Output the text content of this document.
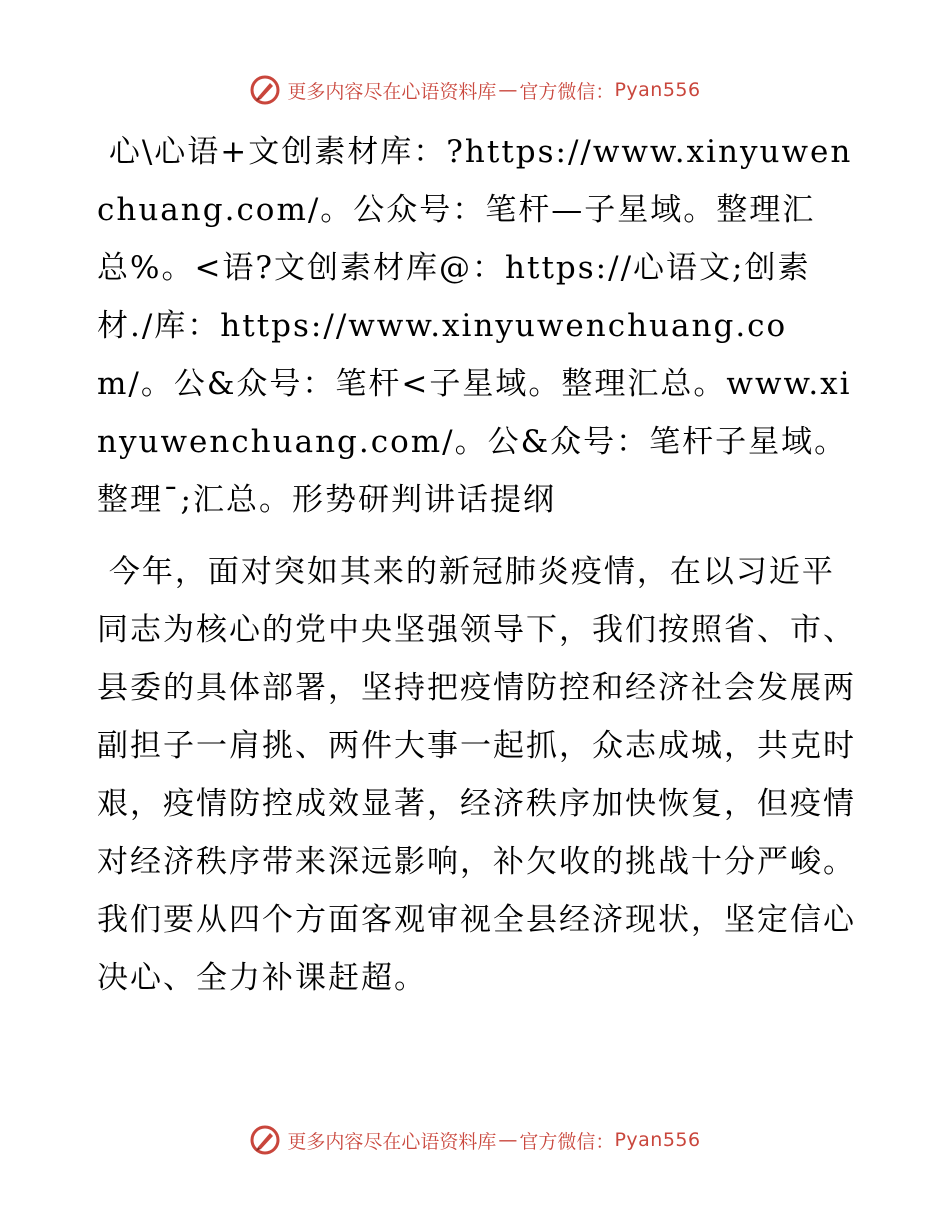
更多内容尽在心语资料库 — 官方微信： Pyan556

心\心语+文创素材库：?https://www.xinyuwenchuang.com/。公众号：笔杆—子星域。整理汇总%。<语?文创素材库@：https://心语文;创素材./库：https://www.xinyuwenchuang.com/。公&众号：笔杆<子星域。整理汇总。www.xinyuwenchuang.com/。公&众号：笔杆子星域。整理¯;汇总。形势研判讲话提纲

今年，面对突如其来的新冠肺炎疫情，在以习近平同志为核心的党中央坚强领导下，我们按照省、市、县委的具体部署，坚持把疫情防控和经济社会发展两副担子一肩挑、两件大事一起抓，众志成城，共克时艰，疫情防控成效显著，经济秩序加快恢复，但疫情对经济秩序带来深远影响，补欠收的挑战十分严峻。我们要从四个方面客观审视全县经济现状，坚定信心决心、全力补课赶超。

更多内容尽在心语资料库 — 官方微信： Pyan556
